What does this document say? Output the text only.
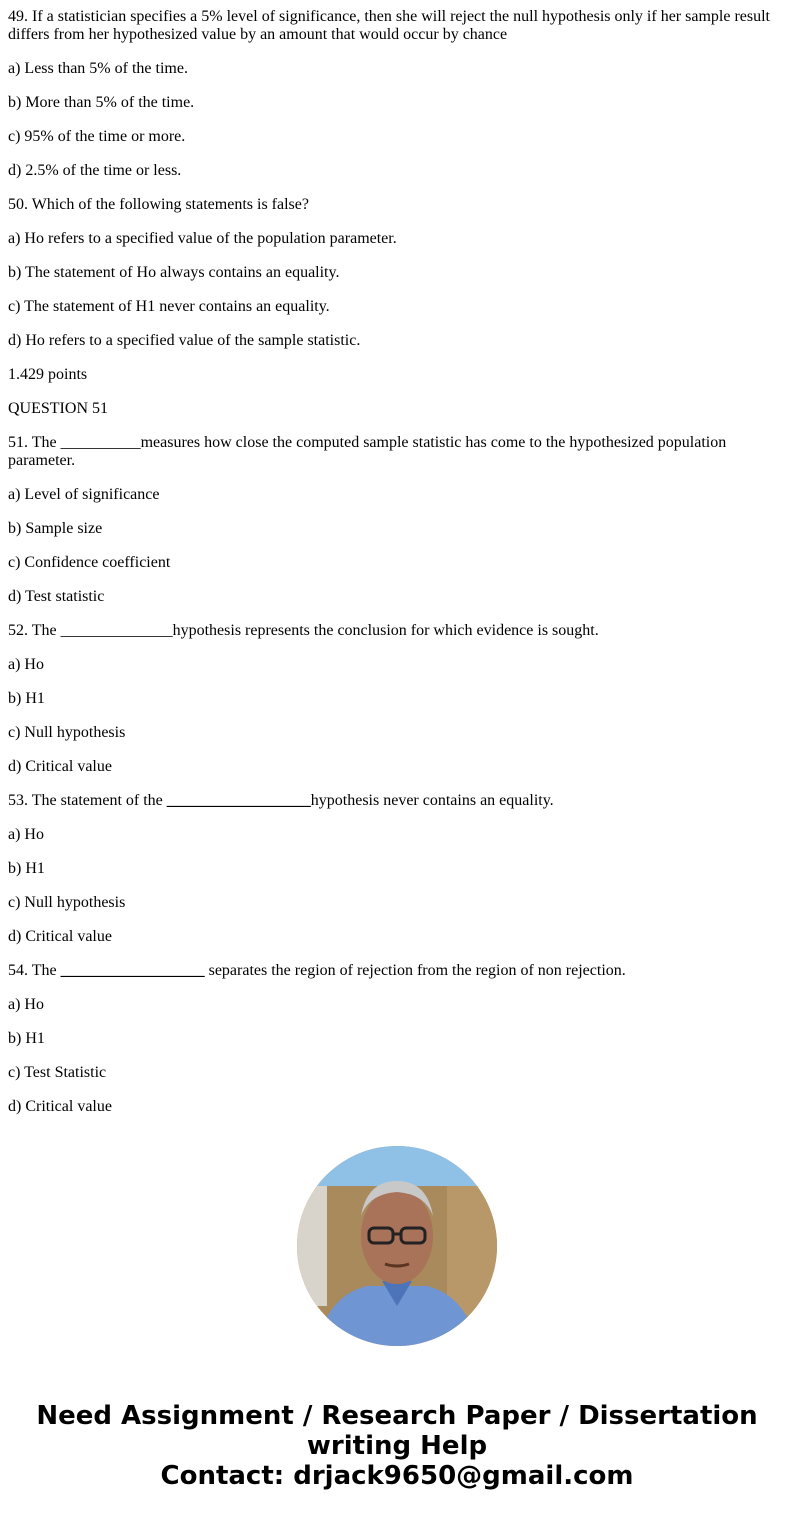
49. If a statistician specifies a 5% level of significance, then she will reject the null hypothesis only if her sample result differs from her hypothesized value by an amount that would occur by chance

a) Less than 5% of the time.

b) More than 5% of the time.

c) 95% of the time or more.

d) 2.5% of the time or less.

50. Which of the following statements is false?

a) Ho refers to a specified value of the population parameter.

b) The statement of Ho always contains an equality.

c) The statement of H1 never contains an equality.

d) Ho refers to a specified value of the sample statistic.

1.429 points

QUESTION 51

51. The __________measures how close the computed sample statistic has come to the hypothesized population parameter.

a) Level of significance

b) Sample size

c) Confidence coefficient

d) Test statistic

52. The ______________hypothesis represents the conclusion for which evidence is sought.

a) Ho

b) H1

c) Null hypothesis

d) Critical value

53. The statement of the __________________hypothesis never contains an equality.

a) Ho

b) H1

c) Null hypothesis

d) Critical value

54. The __________________ separates the region of rejection from the region of non rejection.

a) Ho

b) H1

c) Test Statistic

d) Critical value

Need Assignment / Research Paper / Dissertation
writing Help
Contact: drjack9650@gmail.com
